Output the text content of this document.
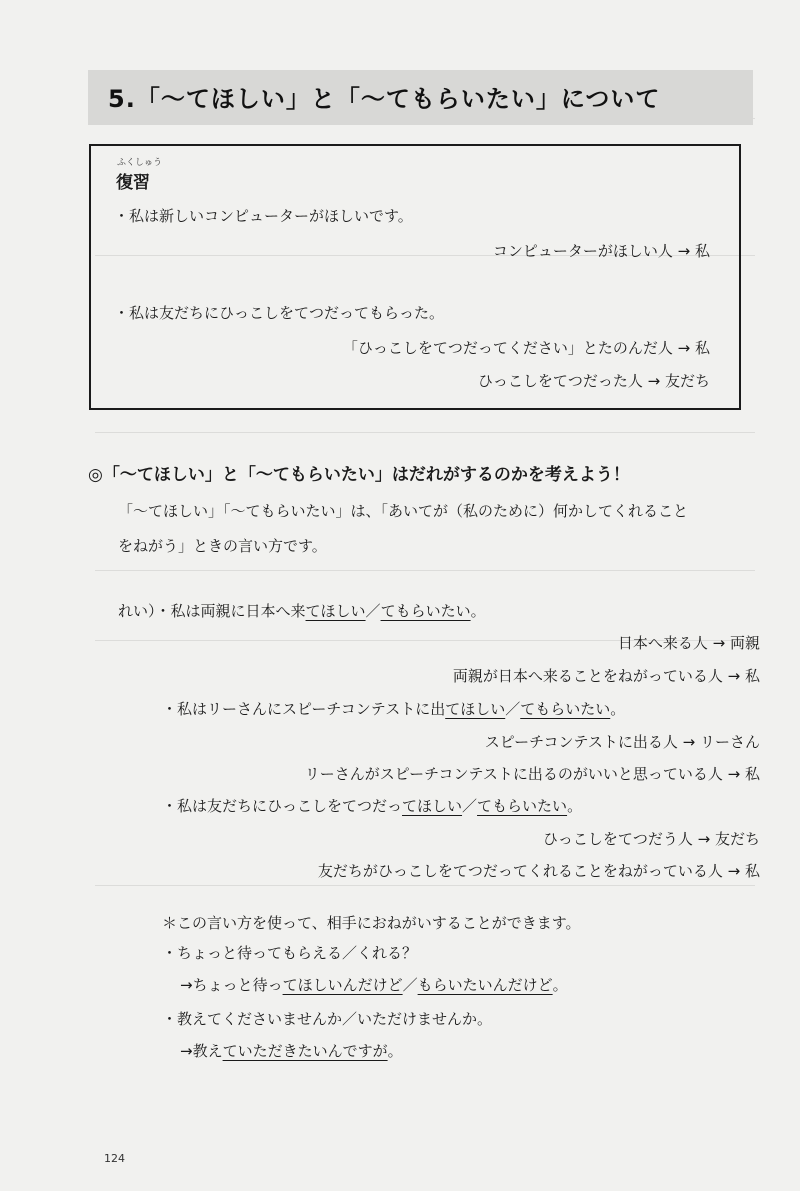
5.「〜てほしい」と「〜てもらいたい」について
ふくしゅう
復習
・私は新しいコンピューターがほしいです。
コンピューターがほしい人 → 私
・私は友だちにひっこしをてつだってもらった。
「ひっこしをてつだってください」とたのんだ人 → 私
ひっこしをてつだった人 → 友だち
◎「〜てほしい」と「〜てもらいたい」はだれがするのかを考えよう！
「〜てほしい」「〜てもらいたい」は、「あいてが（私のために）何かしてくれること
をねがう」ときの言い方です。
れい）・私は両親に日本へ来てほしい／てもらいたい。
日本へ来る人 → 両親
両親が日本へ来ることをねがっている人 → 私
・私はリーさんにスピーチコンテストに出てほしい／てもらいたい。
スピーチコンテストに出る人 → リーさん
リーさんがスピーチコンテストに出るのがいいと思っている人 → 私
・私は友だちにひっこしをてつだってほしい／てもらいたい。
ひっこしをてつだう人 → 友だち
友だちがひっこしをてつだってくれることをねがっている人 → 私
＊この言い方を使って、相手におねがいすることができます。
・ちょっと待ってもらえる／くれる？
→ちょっと待ってほしいんだけど／もらいたいんだけど。
・教えてくださいませんか／いただけませんか。
→教えていただきたいんですが。
124
